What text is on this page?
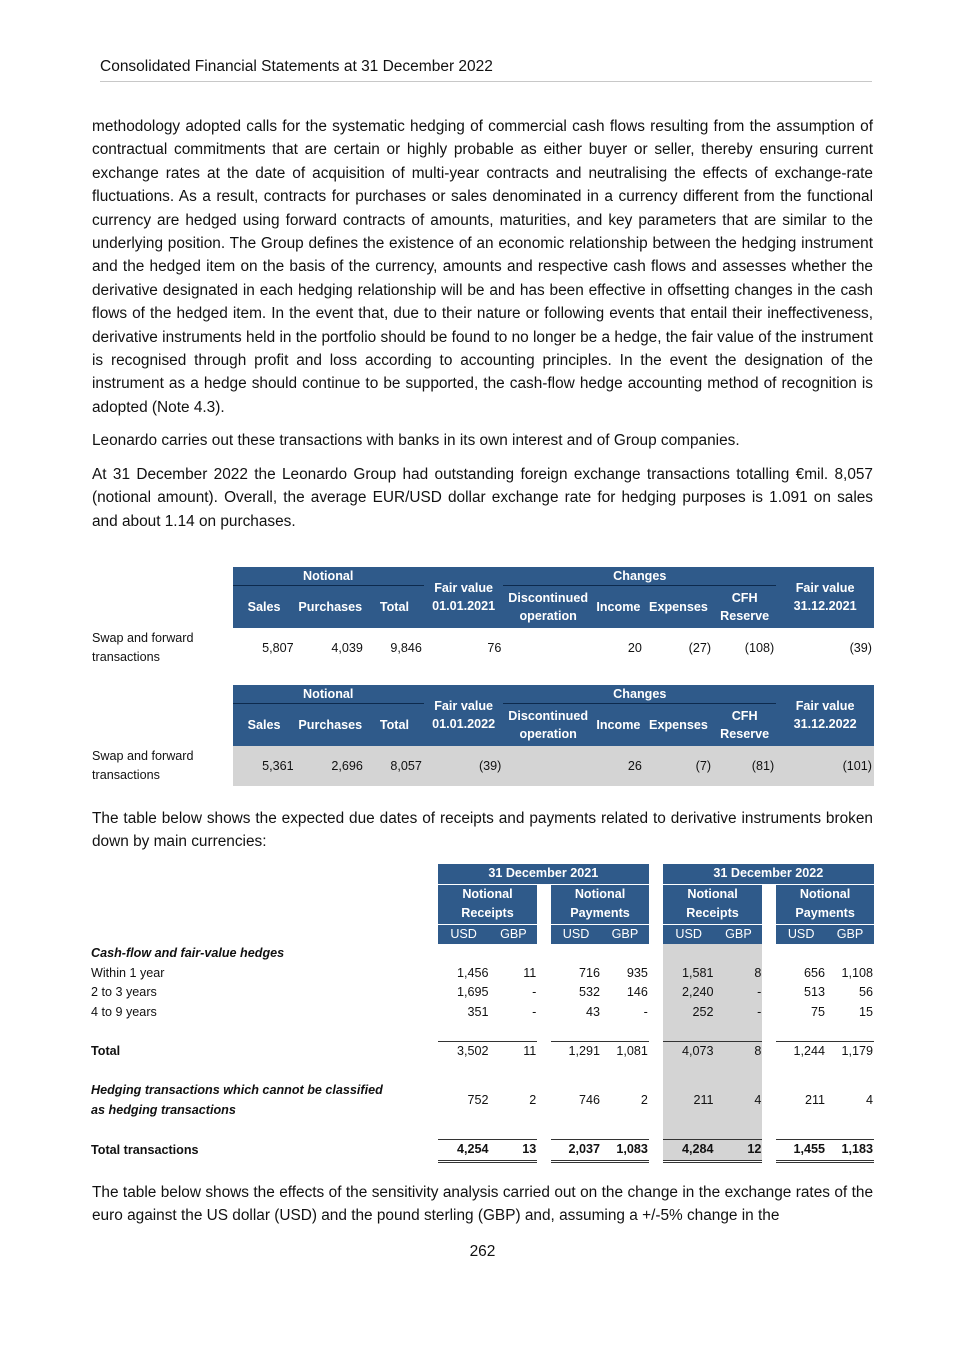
Consolidated Financial Statements at 31 December 2022

methodology adopted calls for the systematic hedging of commercial cash flows resulting from the assumption of contractual commitments that are certain or highly probable as either buyer or seller, thereby ensuring current exchange rates at the date of acquisition of multi-year contracts and neutralising the effects of exchange-rate fluctuations. As a result, contracts for purchases or sales denominated in a currency different from the functional currency are hedged using forward contracts of amounts, maturities, and key parameters that are similar to the underlying position. The Group defines the existence of an economic relationship between the hedging instrument and the hedged item on the basis of the currency, amounts and respective cash flows and assesses whether the derivative designated in each hedging relationship will be and has been effective in offsetting changes in the cash flows of the hedged item. In the event that, due to their nature or following events that entail their ineffectiveness, derivative instruments held in the portfolio should be found to no longer be a hedge, the fair value of the instrument is recognised through profit and loss according to accounting principles. In the event the designation of the instrument as a hedge should continue to be supported, the cash-flow hedge accounting method of recognition is adopted (Note 4.3).

Leonardo carries out these transactions with banks in its own interest and of Group companies.

At 31 December 2022 the Leonardo Group had outstanding foreign exchange transactions totalling €mil. 8,057 (notional amount). Overall, the average EUR/USD dollar exchange rate for hedging purposes is 1.091 on sales and about 1.14 on purchases.

	Notional			Fair value 01.01.2021	Changes				Fair value 31.12.2021
	Sales	Purchases	Total		Discontinued operation	Income	Expenses	CFH Reserve	
Swap and forward transactions	5,807	4,039	9,846	76		20	(27)	(108)	(39)
	Notional			Fair value 01.01.2022	Changes				Fair value 31.12.2022
	Sales	Purchases	Total		Discontinued operation	Income	Expenses	CFH Reserve	
Swap and forward transactions	5,361	2,696	8,057	(39)		26	(7)	(81)	(101)

The table below shows the expected due dates of receipts and payments related to derivative instruments broken down by main currencies:

	31 December 2021						31 December 2022				
	Notional Receipts			Notional Payments			Notional Receipts			Notional Payments	
	USD	GBP		USD	GBP		USD	GBP		USD	GBP
Cash-flow and fair-value hedges											
Within 1 year	1,456	11		716	935		1,581	8		656	1,108
2 to 3 years	1,695	-		532	146		2,240	-		513	56
4 to 9 years	351	-		43	-		252	-		75	15

Total	3,502	11		1,291	1,081		4,073	8		1,244	1,179

Hedging transactions which cannot be classified as hedging transactions	752	2		746	2		211	4		211	4

Total transactions	4,254	13		2,037	1,083		4,284	12		1,455	1,183

The table below shows the effects of the sensitivity analysis carried out on the change in the exchange rates of the euro against the US dollar (USD) and the pound sterling (GBP) and, assuming a +/-5% change in the

262
